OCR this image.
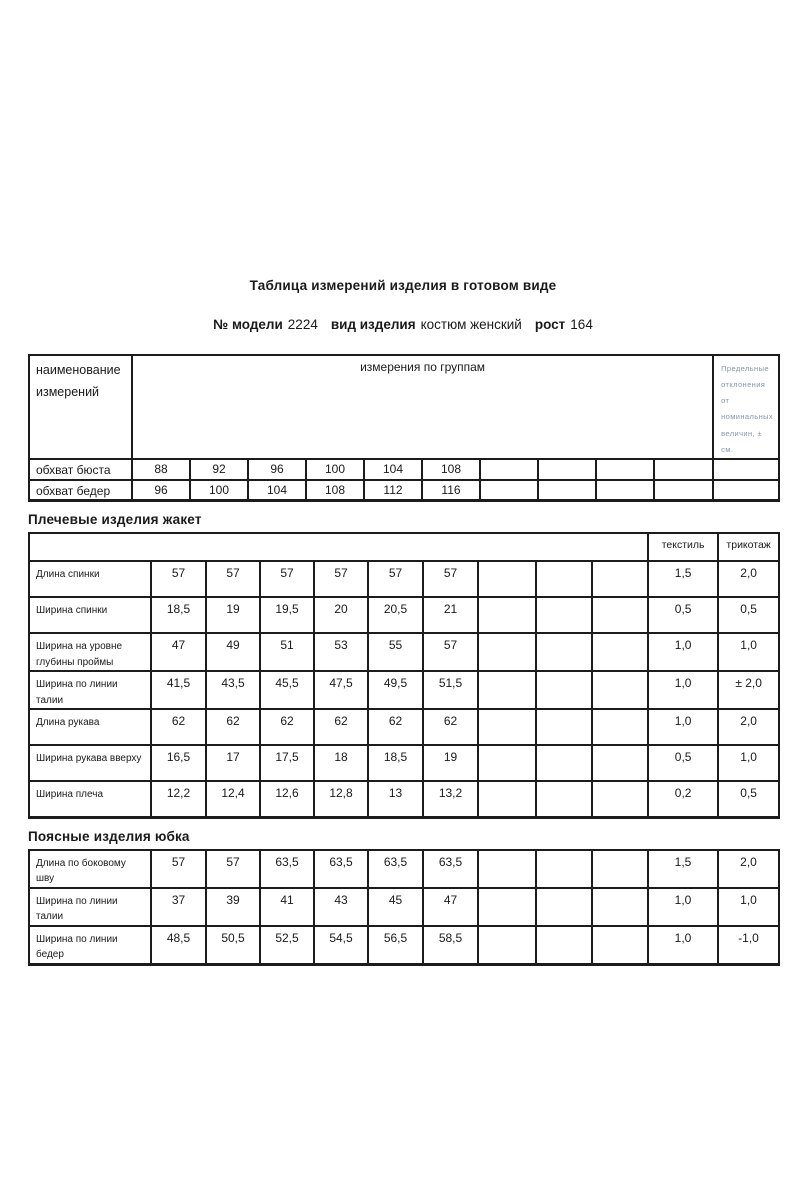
Таблица измерений изделия в готовом виде
№ модели 2224 вид изделия костюм женский рост 164
наименование измерений	измерения по группам										Предельные отклонения от номинальных величин, ± см.
обхват бюста	88	92	96	100	104	108					
обхват бедер	96	100	104	108	112	116					
Плечевые изделия жакет
										текстиль	трикотаж
Длина спинки	57	57	57	57	57	57				1,5	2,0
Ширина спинки	18,5	19	19,5	20	20,5	21				0,5	0,5
Ширина на уровне глубины проймы	47	49	51	53	55	57				1,0	1,0
Ширина по линии талии	41,5	43,5	45,5	47,5	49,5	51,5				1,0	± 2,0
Длина рукава	62	62	62	62	62	62				1,0	2,0
Ширина рукава вверху	16,5	17	17,5	18	18,5	19				0,5	1,0
Ширина плеча	12,2	12,4	12,6	12,8	13	13,2				0,2	0,5
Поясные изделия юбка
Длина по боковому шву	57	57	63,5	63,5	63,5	63,5				1,5	2,0
Ширина по линии талии	37	39	41	43	45	47				1,0	1,0
Ширина по линии бедер	48,5	50,5	52,5	54,5	56,5	58,5				1,0	-1,0
